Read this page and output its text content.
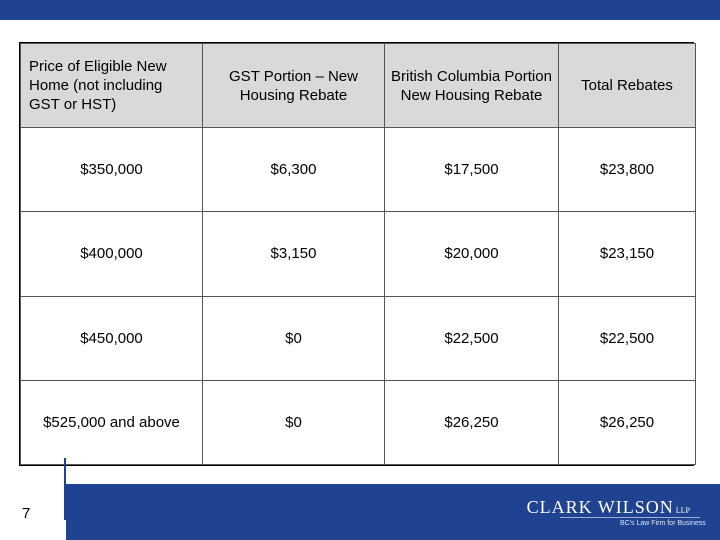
Price of Eligible New Home (not including GST or HST)	GST Portion – New Housing Rebate	British Columbia Portion New Housing Rebate	Total Rebates
$350,000	$6,300	$17,500	$23,800
$400,000	$3,150	$20,000	$23,150
$450,000	$0	$22,500	$22,500
$525,000 and above	$0	$26,250	$26,250
7	CLARK WILSON LLP
BC's Law Firm for Business
